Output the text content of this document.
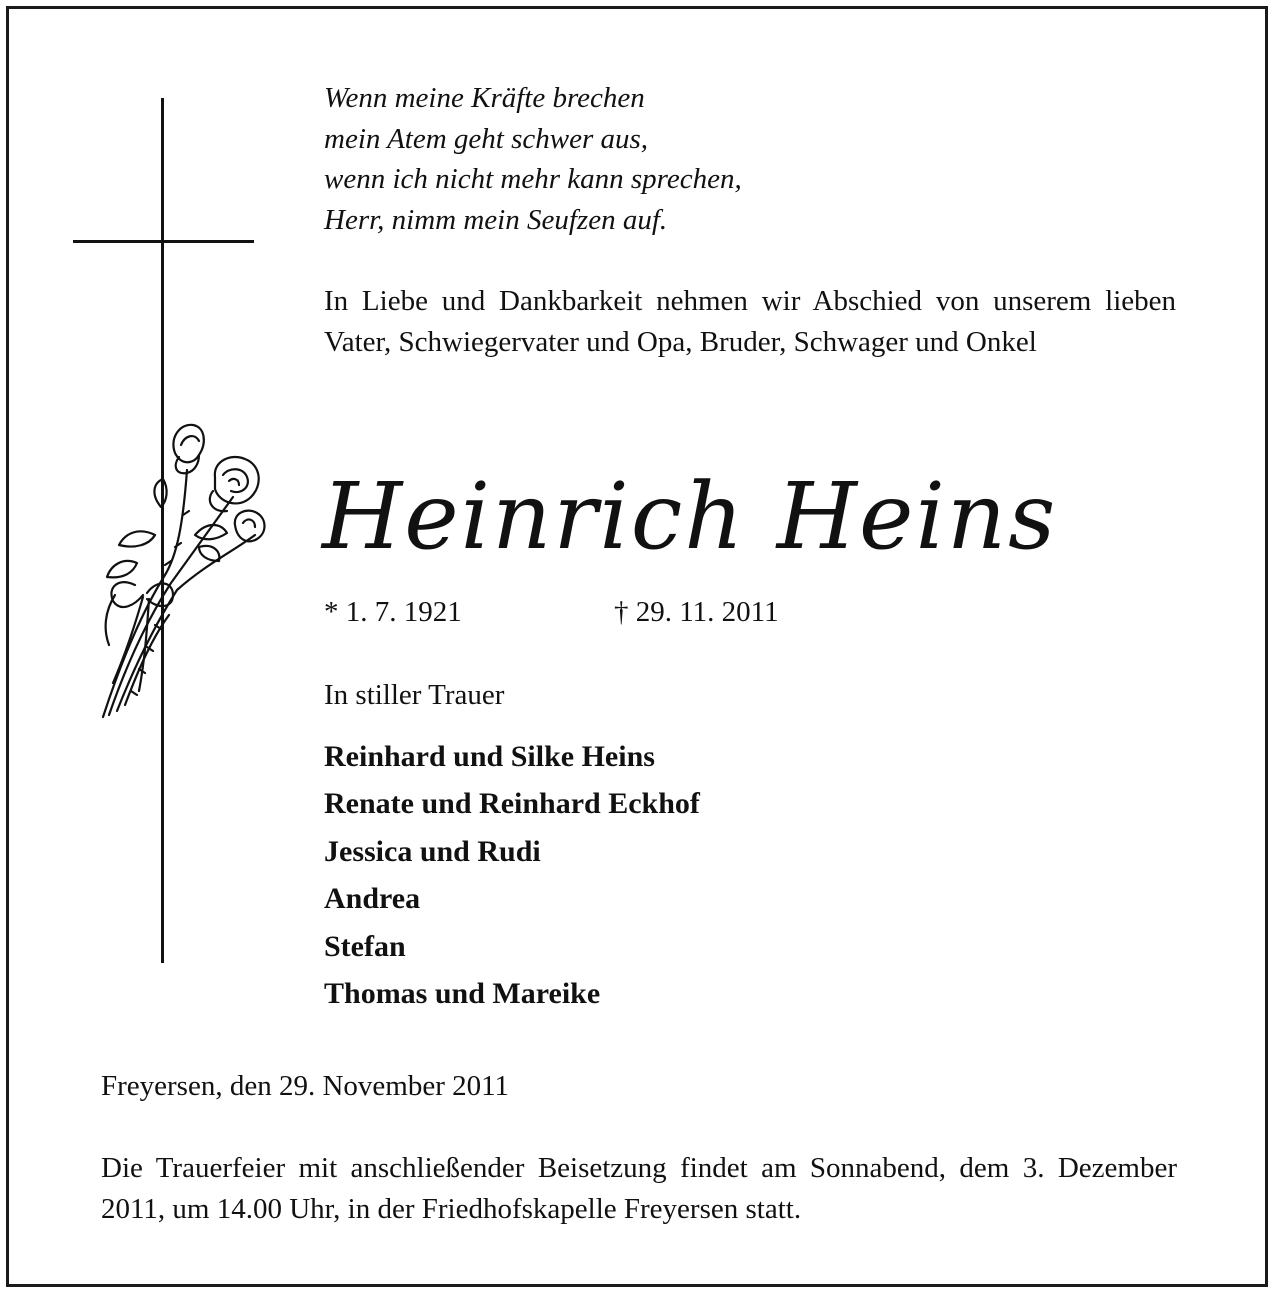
Wenn meine Kräfte brechen
mein Atem geht schwer aus,
wenn ich nicht mehr kann sprechen,
Herr, nimm mein Seufzen auf.
In Liebe und Dankbarkeit nehmen wir Abschied von unserem lieben Vater, Schwiegervater und Opa, Bruder, Schwager und Onkel
Heinrich Heins
* 1. 7. 1921	† 29. 11. 2011
In stiller Trauer
Reinhard und Silke Heins
Renate und Reinhard Eckhof
Jessica und Rudi
Andrea
Stefan
Thomas und Mareike
Freyersen, den 29. November 2011
Die Trauerfeier mit anschließender Beisetzung findet am Sonnabend, dem 3. Dezember 2011, um 14.00 Uhr, in der Friedhofskapelle Freyersen statt.
